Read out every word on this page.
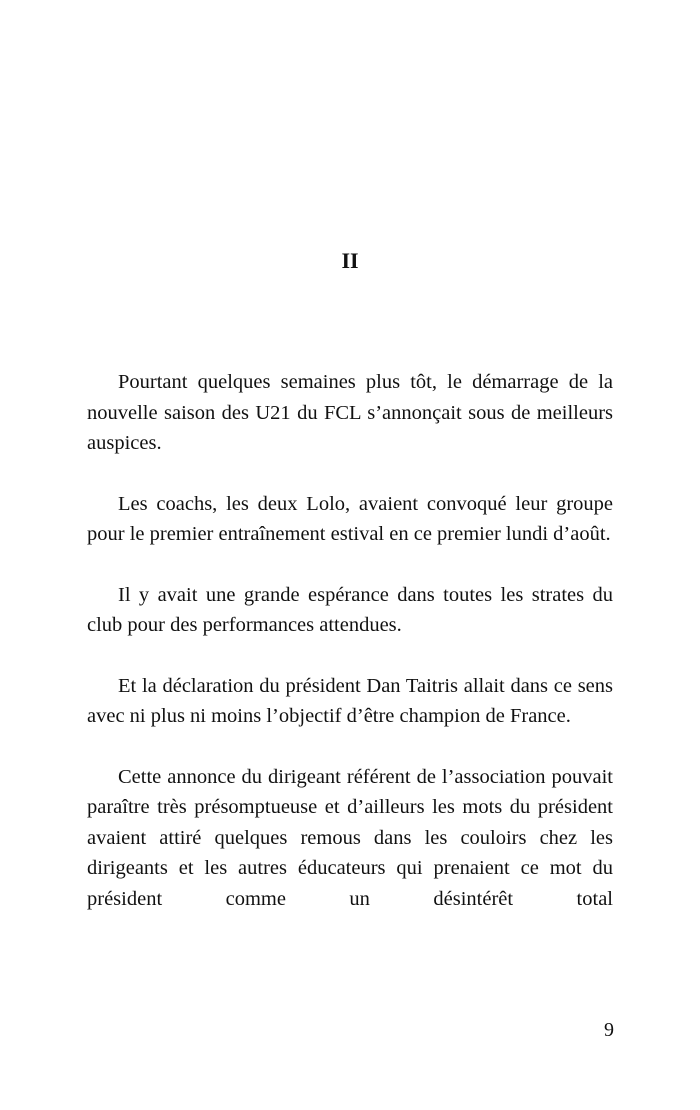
II

Pourtant quelques semaines plus tôt, le démarrage de la nouvelle saison des U21 du FCL s’annonçait sous de meilleurs auspices.

Les coachs, les deux Lolo, avaient convoqué leur groupe pour le premier entraînement estival en ce premier lundi d’août.

Il y avait une grande espérance dans toutes les strates du club pour des performances attendues.

Et la déclaration du président Dan Taitris allait dans ce sens avec ni plus ni moins l’objectif d’être champion de France.

Cette annonce du dirigeant référent de l’association pouvait paraître très présomptueuse et d’ailleurs les mots du président avaient attiré quelques remous dans les couloirs chez les dirigeants et les autres éducateurs qui prenaient ce mot du président comme un désintérêt total

9
